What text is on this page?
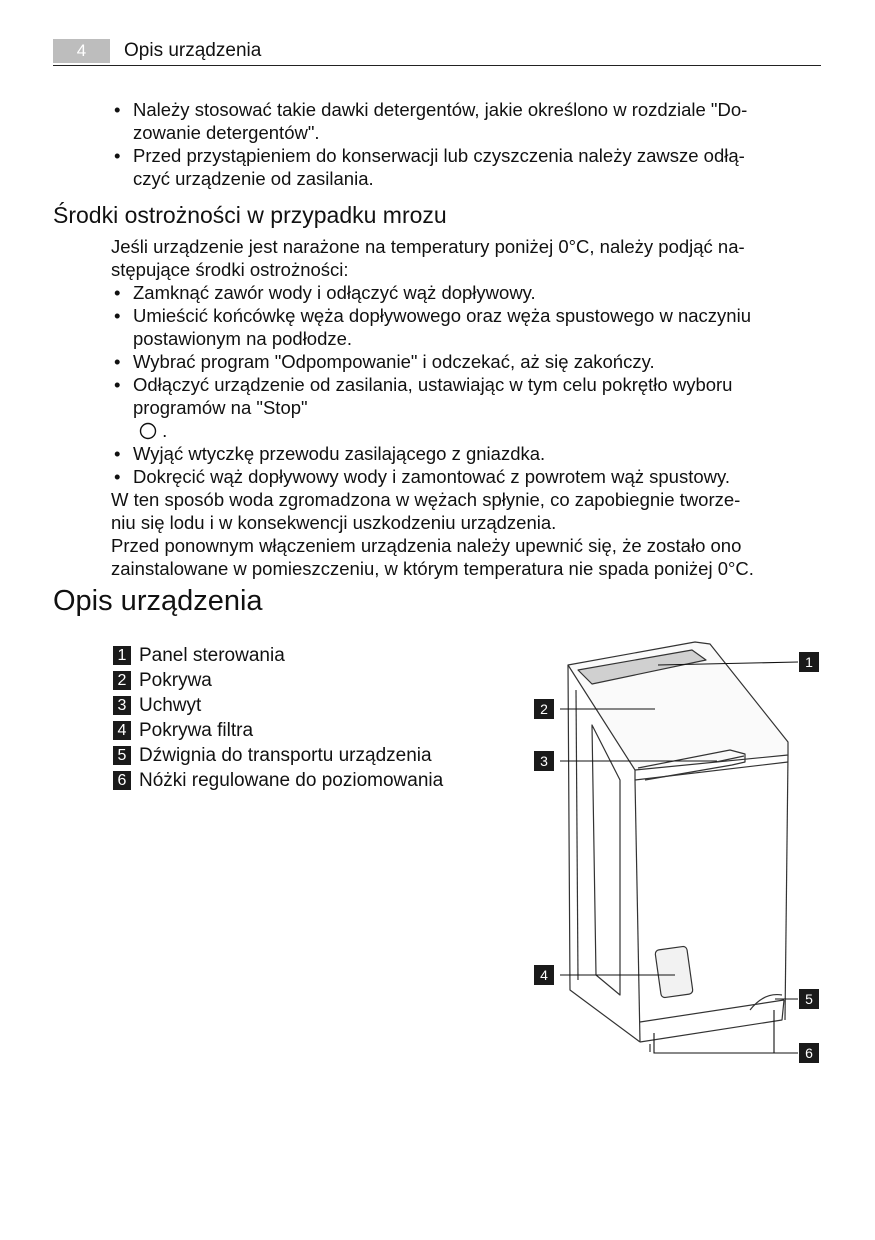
4	Opis urządzenia
• Należy stosować takie dawki detergentów, jakie określono w rozdziale "Do-
zowanie detergentów".
• Przed przystąpieniem do konserwacji lub czyszczenia należy zawsze odłą-
czyć urządzenie od zasilania.
Środki ostrożności w przypadku mrozu
Jeśli urządzenie jest narażone na temperatury poniżej 0°C, należy podjąć na-
stępujące środki ostrożności:
• Zamknąć zawór wody i odłączyć wąż dopływowy.
• Umieścić końcówkę węża dopływowego oraz węża spustowego w naczyniu
postawionym na podłodze.
• Wybrać program "Odpompowanie" i odczekać, aż się zakończy.
• Odłączyć urządzenie od zasilania, ustawiając w tym celu pokrętło wyboru
programów na "Stop"
.
• Wyjąć wtyczkę przewodu zasilającego z gniazdka.
• Dokręcić wąż dopływowy wody i zamontować z powrotem wąż spustowy.
W ten sposób woda zgromadzona w wężach spłynie, co zapobiegnie tworze-
niu się lodu i w konsekwencji uszkodzeniu urządzenia.
Przed ponownym włączeniem urządzenia należy upewnić się, że zostało ono
zainstalowane w pomieszczeniu, w którym temperatura nie spada poniżej 0°C.
Opis urządzenia
1 Panel sterowania
2 Pokrywa
3 Uchwyt
4 Pokrywa filtra
5 Dźwignia do transportu urządzenia
6 Nóżki regulowane do poziomowania
1
2
3
4
5
6
